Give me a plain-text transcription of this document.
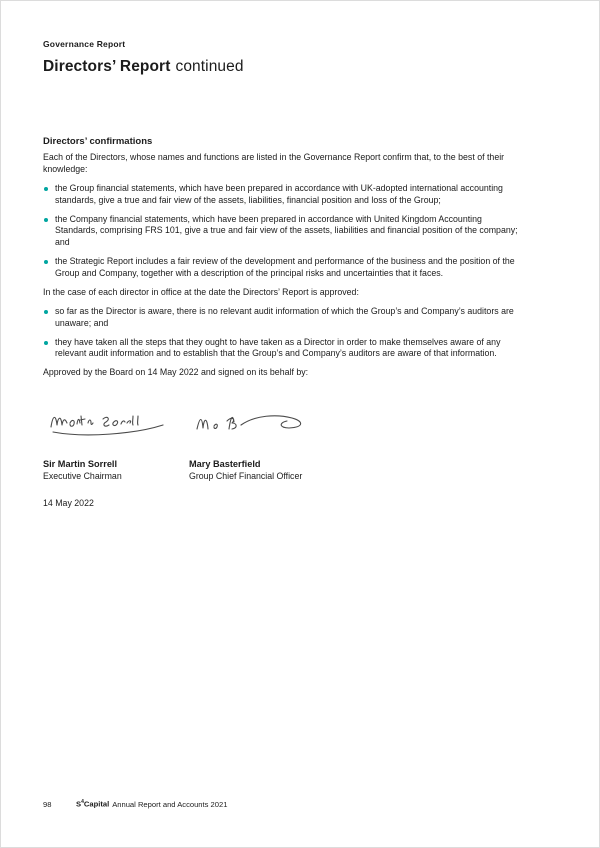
Governance Report
Directors’ Report continued
Directors’ confirmations

Each of the Directors, whose names and functions are listed in the Governance Report confirm that, to the best of their knowledge:

the Group financial statements, which have been prepared in accordance with UK-adopted international accounting standards, give a true and fair view of the assets, liabilities, financial position and loss of the Group;
the Company financial statements, which have been prepared in accordance with United Kingdom Accounting Standards, comprising FRS 101, give a true and fair view of the assets, liabilities and financial position of the company; and
the Strategic Report includes a fair review of the development and performance of the business and the position of the Group and Company, together with a description of the principal risks and uncertainties that it faces.

In the case of each director in office at the date the Directors’ Report is approved:

so far as the Director is aware, there is no relevant audit information of which the Group’s and Company’s auditors are unaware; and
they have taken all the steps that they ought to have taken as a Director in order to make themselves aware of any relevant audit information and to establish that the Group’s and Company’s auditors are aware of that information.

Approved by the Board on 14 May 2022 and signed on its behalf by:

Sir Martin Sorrell
Executive Chairman
Mary Basterfield
Group Chief Financial Officer
14 May 2022
98	$S^4Capital$ Annual Report and Accounts 2021
